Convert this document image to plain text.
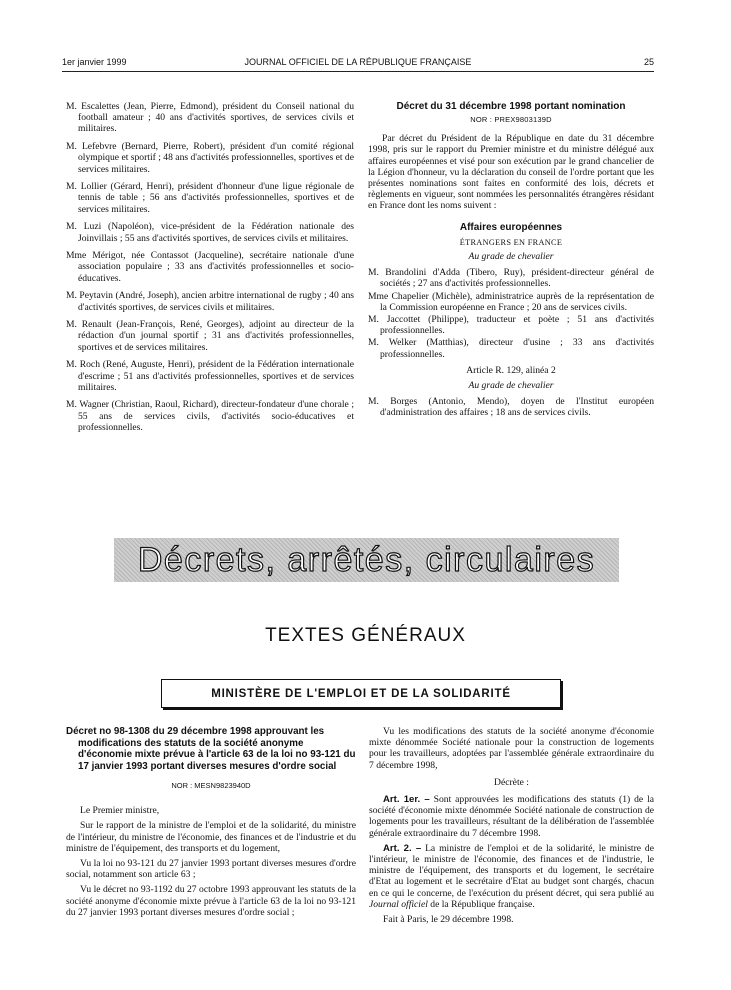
1er janvier 1999	JOURNAL OFFICIEL DE LA RÉPUBLIQUE FRANÇAISE	25

M. Escalettes (Jean, Pierre, Edmond), président du Conseil national du football amateur ; 40 ans d'activités sportives, de services civils et militaires.

M. Lefebvre (Bernard, Pierre, Robert), président d'un comité régional olympique et sportif ; 48 ans d'activités professionnelles, sportives et de services militaires.

M. Lollier (Gérard, Henri), président d'honneur d'une ligue régionale de tennis de table ; 56 ans d'activités professionnelles, sportives et de services militaires.

M. Luzi (Napoléon), vice-président de la Fédération nationale des Joinvillais ; 55 ans d'activités sportives, de services civils et militaires.

Mme Mérigot, née Contassot (Jacqueline), secrétaire nationale d'une association populaire ; 33 ans d'activités professionnelles et socio-éducatives.

M. Peytavin (André, Joseph), ancien arbitre international de rugby ; 40 ans d'activités sportives, de services civils et militaires.

M. Renault (Jean-François, René, Georges), adjoint au directeur de la rédaction d'un journal sportif ; 31 ans d'activités professionnelles, sportives et de services militaires.

M. Roch (René, Auguste, Henri), président de la Fédération internationale d'escrime ; 51 ans d'activités professionnelles, sportives et de services militaires.

M. Wagner (Christian, Raoul, Richard), directeur-fondateur d'une chorale ; 55 ans de services civils, d'activités socio-éducatives et professionnelles.

Décret du 31 décembre 1998 portant nomination
NOR : PREX9803139D

Par décret du Président de la République en date du 31 décembre 1998, pris sur le rapport du Premier ministre et du ministre délégué aux affaires européennes et visé pour son exécution par le grand chancelier de la Légion d'honneur, vu la déclaration du conseil de l'ordre portant que les présentes nominations sont faites en conformité des lois, décrets et règlements en vigueur, sont nommées les personnalités étrangères résidant en France dont les noms suivent :

Affaires européennes
ÉTRANGERS EN FRANCE
Au grade de chevalier

M. Brandolini d'Adda (Tibero, Ruy), président-directeur général de sociétés ; 27 ans d'activités professionnelles.

Mme Chapelier (Michèle), administratrice auprès de la représentation de la Commission européenne en France ; 20 ans de services civils.

M. Jaccottet (Philippe), traducteur et poète ; 51 ans d'activités professionnelles.

M. Welker (Matthias), directeur d'usine ; 33 ans d'activités professionnelles.

Article R. 129, alinéa 2
Au grade de chevalier

M. Borges (Antonio, Mendo), doyen de l'Institut européen d'administration des affaires ; 18 ans de services civils.

Décrets, arrêtés, circulaires
TEXTES GÉNÉRAUX
MINISTÈRE DE L'EMPLOI ET DE LA SOLIDARITÉ

Décret no 98-1308 du 29 décembre 1998 approuvant les modifications des statuts de la société anonyme d'économie mixte prévue à l'article 63 de la loi no 93-121 du 17 janvier 1993 portant diverses mesures d'ordre social

NOR : MESN9823940D

Le Premier ministre,

Sur le rapport de la ministre de l'emploi et de la solidarité, du ministre de l'intérieur, du ministre de l'économie, des finances et de l'industrie et du ministre de l'équipement, des transports et du logement,

Vu la loi no 93-121 du 27 janvier 1993 portant diverses mesures d'ordre social, notamment son article 63 ;

Vu le décret no 93-1192 du 27 octobre 1993 approuvant les statuts de la société anonyme d'économie mixte prévue à l'article 63 de la loi no 93-121 du 27 janvier 1993 portant diverses mesures d'ordre social ;

Vu les modifications des statuts de la société anonyme d'économie mixte dénommée Société nationale pour la construction de logements pour les travailleurs, adoptées par l'assemblée générale extraordinaire du 7 décembre 1998,

Décrète :

Art. 1er. – Sont approuvées les modifications des statuts (1) de la société d'économie mixte dénommée Société nationale de construction de logements pour les travailleurs, résultant de la délibération de l'assemblée générale extraordinaire du 7 décembre 1998.

Art. 2. – La ministre de l'emploi et de la solidarité, le ministre de l'intérieur, le ministre de l'économie, des finances et de l'industrie, le ministre de l'équipement, des transports et du logement, le secrétaire d'Etat au logement et le secrétaire d'Etat au budget sont chargés, chacun en ce qui le concerne, de l'exécution du présent décret, qui sera publié au Journal officiel de la République française.

Fait à Paris, le 29 décembre 1998.
